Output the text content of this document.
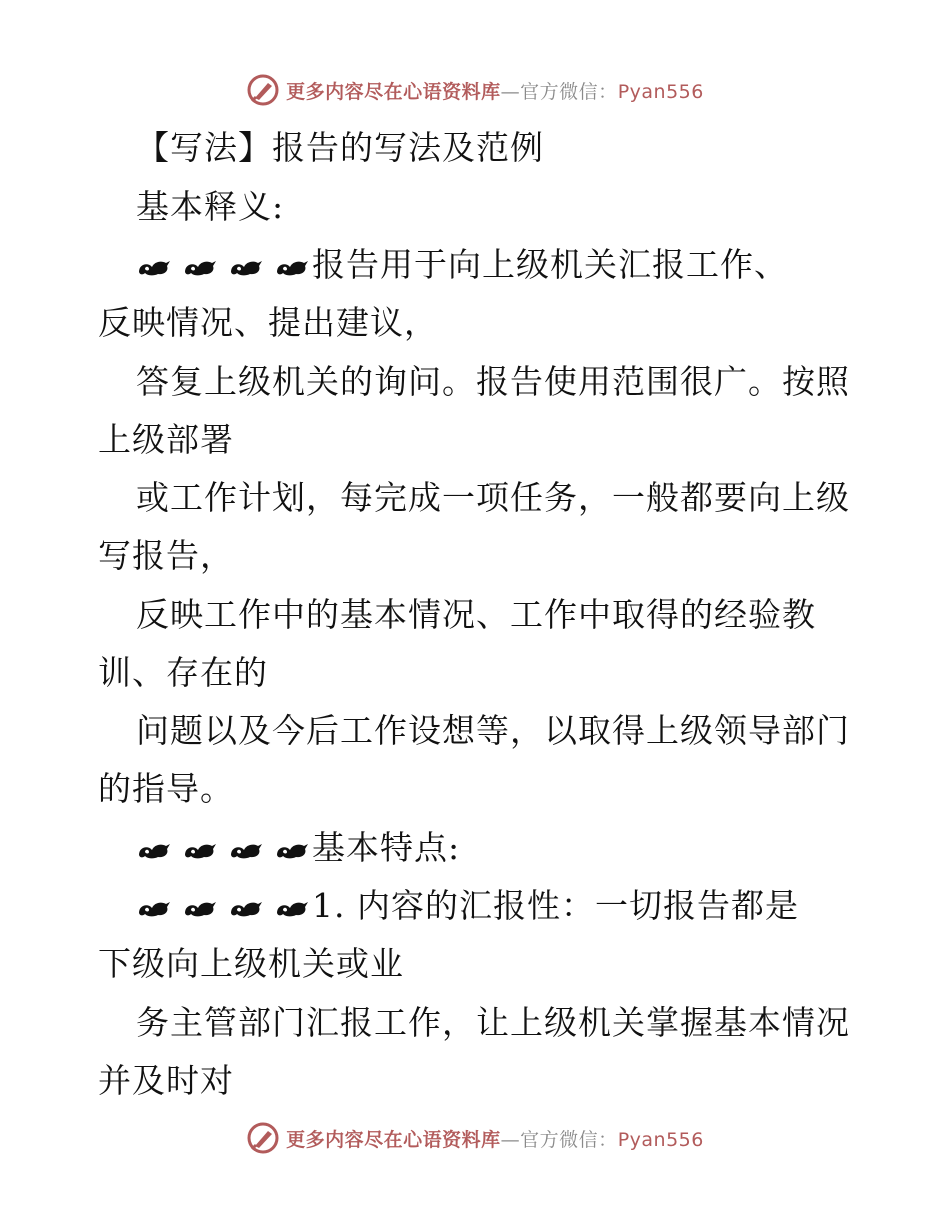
更多内容尽在心语资料库—官方微信：Pyan556
【写法】报告的写法及范例
基本释义:
报告用于向上级机关汇报工作、
反映情况、提出建议，
答复上级机关的询问。报告使用范围很广。按照
上级部署
或工作计划，每完成一项任务，一般都要向上级
写报告，
反映工作中的基本情况、工作中取得的经验教
训、存在的
问题以及今后工作设想等，以取得上级领导部门
的指导。
基本特点:
1. 内容的汇报性：一切报告都是
下级向上级机关或业
务主管部门汇报工作，让上级机关掌握基本情况
并及时对
更多内容尽在心语资料库—官方微信：Pyan556
